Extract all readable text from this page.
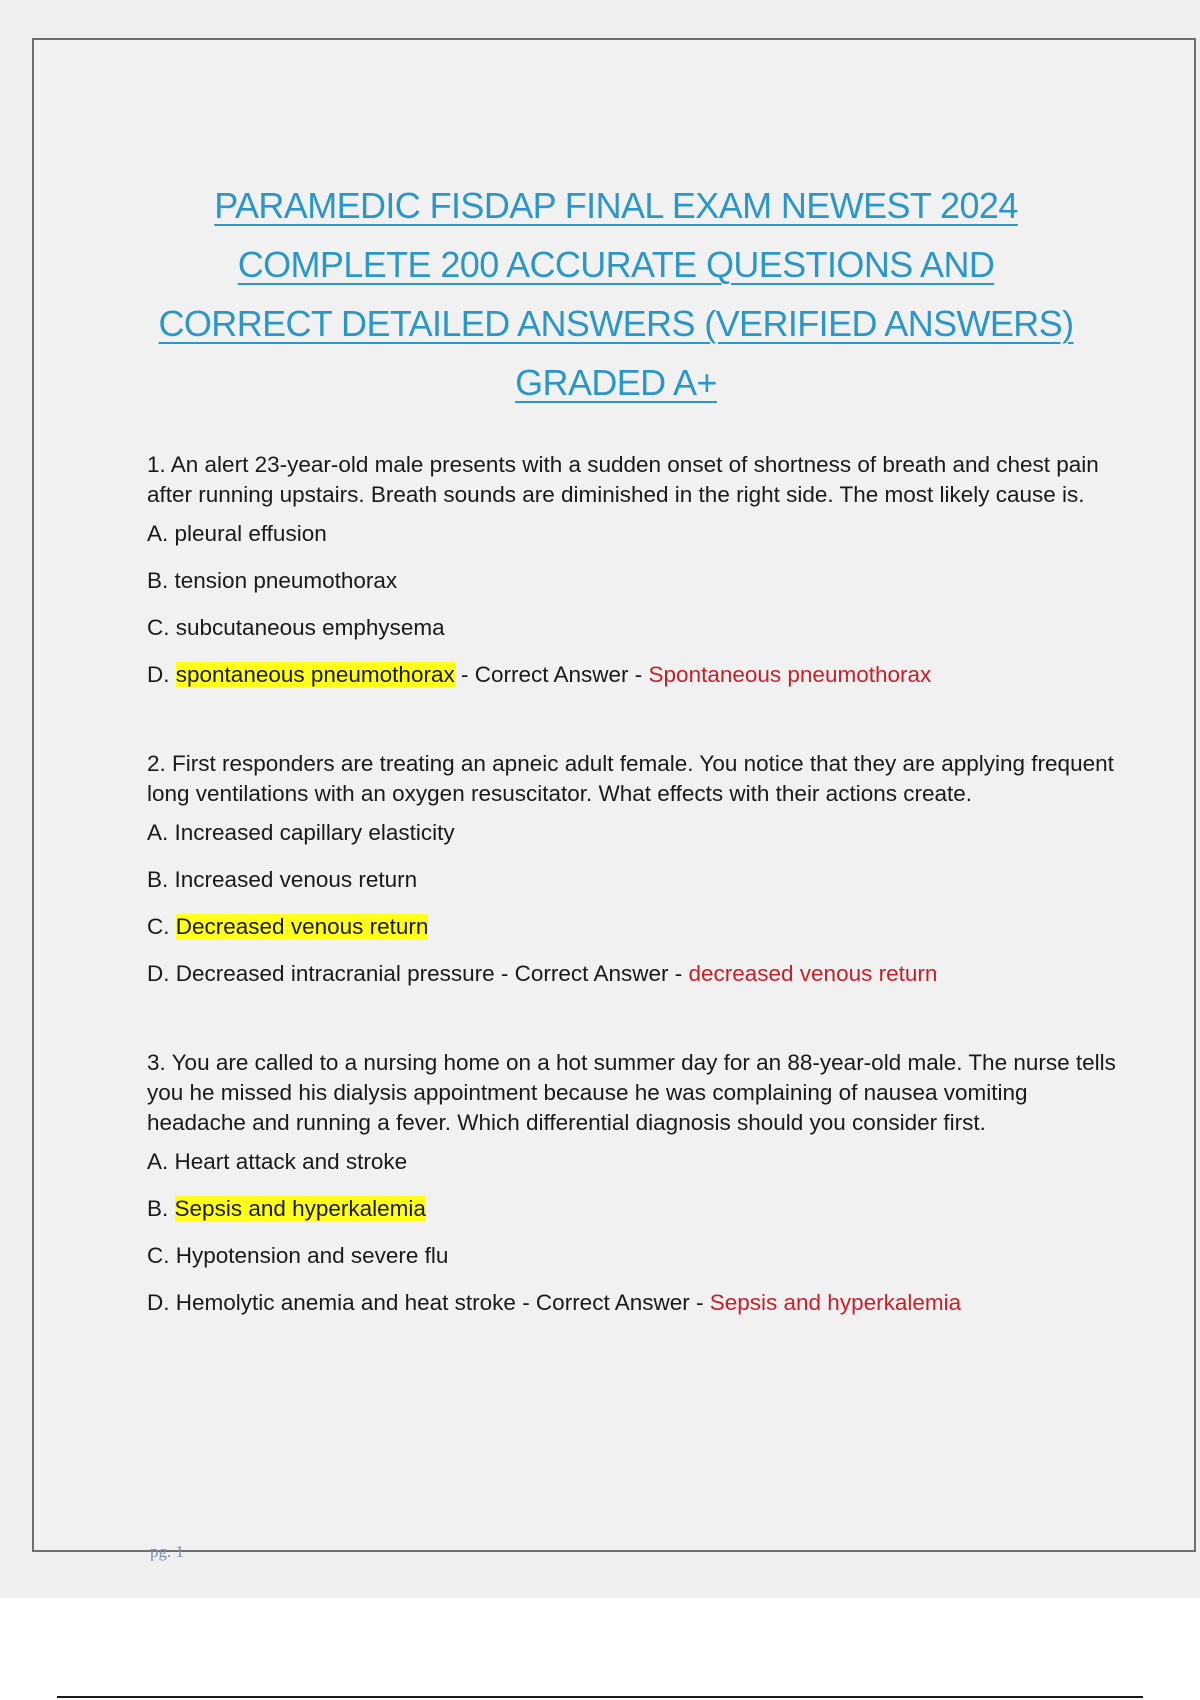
PARAMEDIC FISDAP FINAL EXAM NEWEST 2024
COMPLETE 200 ACCURATE QUESTIONS AND
CORRECT DETAILED ANSWERS (VERIFIED ANSWERS)
GRADED A+

1. An alert 23-year-old male presents with a sudden onset of shortness of breath and chest pain after running upstairs. Breath sounds are diminished in the right side. The most likely cause is.

A. pleural effusion

B. tension pneumothorax

C. subcutaneous emphysema

D. spontaneous pneumothorax - Correct Answer - Spontaneous pneumothorax

2. First responders are treating an apneic adult female. You notice that they are applying frequent long ventilations with an oxygen resuscitator. What effects with their actions create.

A. Increased capillary elasticity

B. Increased venous return

C. Decreased venous return

D. Decreased intracranial pressure - Correct Answer - decreased venous return

3. You are called to a nursing home on a hot summer day for an 88-year-old male. The nurse tells you he missed his dialysis appointment because he was complaining of nausea vomiting headache and running a fever. Which differential diagnosis should you consider first.

A. Heart attack and stroke

B. Sepsis and hyperkalemia

C. Hypotension and severe flu

D. Hemolytic anemia and heat stroke - Correct Answer - Sepsis and hyperkalemia

pg. 1
